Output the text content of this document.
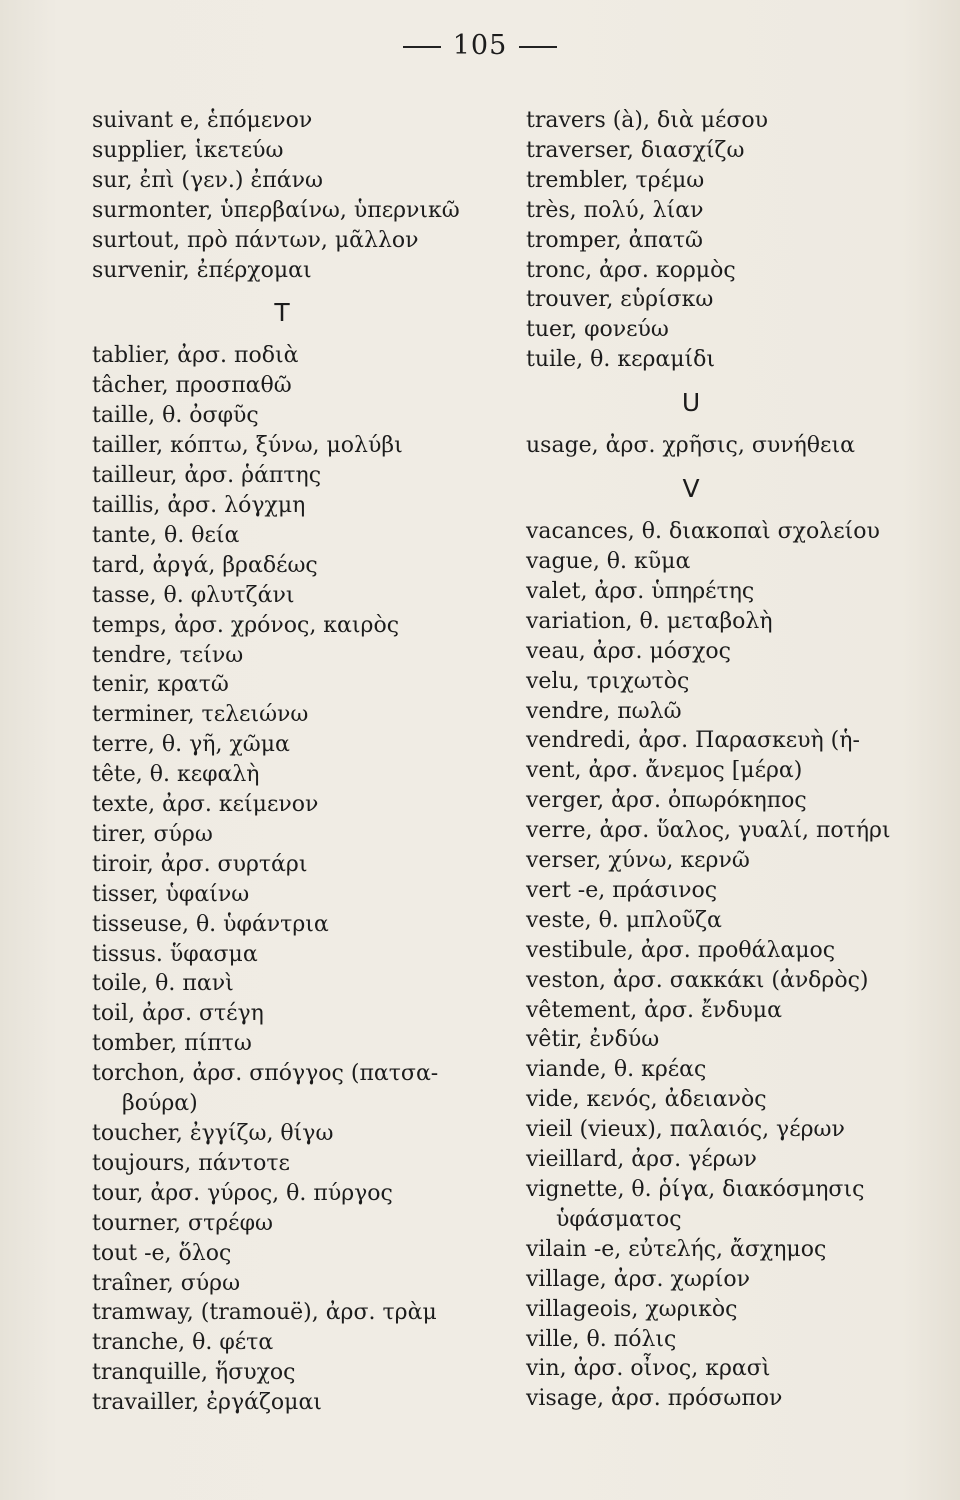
105
suivant e, ἑπόμενον
supplier, ἱκετεύω
sur, ἐπὶ (γεν.) ἐπάνω
surmonter, ὑπερβαίνω, ὑπερνικῶ
surtout, πρὸ πάντων, μᾶλλον
survenir, ἐπέρχομαι
T
tablier, ἀρσ. ποδιὰ
tâcher, προσπαθῶ
taille, θ. ὀσφῦς
tailler, κόπτω, ξύνω, μολύβι
tailleur, ἀρσ. ῥάπτης
taillis, ἀρσ. λόγχμη
tante, θ. θεία
tard, ἀργά, βραδέως
tasse, θ. φλυτζάνι
temps, ἀρσ. χρόνος, καιρὸς
tendre, τείνω
tenir, κρατῶ
terminer, τελειώνω
terre, θ. γῆ, χῶμα
tête, θ. κεφαλὴ
texte, ἀρσ. κείμενον
tirer, σύρω
tiroir, ἀρσ. συρτάρι
tisser, ὑφαίνω
tisseuse, θ. ὑφάντρια
tissus. ὕφασμα
toile, θ. πανὶ
toil, ἀρσ. στέγη
tomber, πίπτω
torchon, ἀρσ. σπόγγος (πατσα-
βούρα)
toucher, ἐγγίζω, θίγω
toujours, πάντοτε
tour, ἀρσ. γύρος, θ. πύργος
tourner, στρέφω
tout -e, ὅλος
traîner, σύρω
tramway, (tramouë), ἀρσ. τρὰμ
tranche, θ. φέτα
tranquille, ἥσυχος
travailler, ἐργάζομαι
travers (à), διὰ μέσου
traverser, διασχίζω
trembler, τρέμω
très, πολύ, λίαν
tromper, ἀπατῶ
tronc, ἀρσ. κορμὸς
trouver, εὑρίσκω
tuer, φονεύω
tuile, θ. κεραμίδι
U
usage, ἀρσ. χρῆσις, συνήθεια
V
vacances, θ. διακοπαὶ σχολείου
vague, θ. κῦμα
valet, ἀρσ. ὑπηρέτης
variation, θ. μεταβολὴ
veau, ἀρσ. μόσχος
velu, τριχωτὸς
vendre, πωλῶ
vendredi, ἀρσ. Παρασκευὴ (ἡ-
vent, ἀρσ. ἄνεμος [μέρα)
verger, ἀρσ. ὀπωρόκηπος
verre, ἀρσ. ὕαλος, γυαλί, ποτήρι
verser, χύνω, κερνῶ
vert -e, πράσινος
veste, θ. μπλοῦζα
vestibule, ἀρσ. προθάλαμος
veston, ἀρσ. σακκάκι (ἀνδρὸς)
vêtement, ἀρσ. ἔνδυμα
vêtir, ἐνδύω
viande, θ. κρέας
vide, κενός, ἀδειανὸς
vieil (vieux), παλαιός, γέρων
vieillard, ἀρσ. γέρων
vignette, θ. ῥίγα, διακόσμησις
ὑφάσματος
vilain -e, εὐτελής, ἄσχημος
village, ἀρσ. χωρίον
villageois, χωρικὸς
ville, θ. πόλις
vin, ἀρσ. οἶνος, κρασὶ
visage, ἀρσ. πρόσωπον
